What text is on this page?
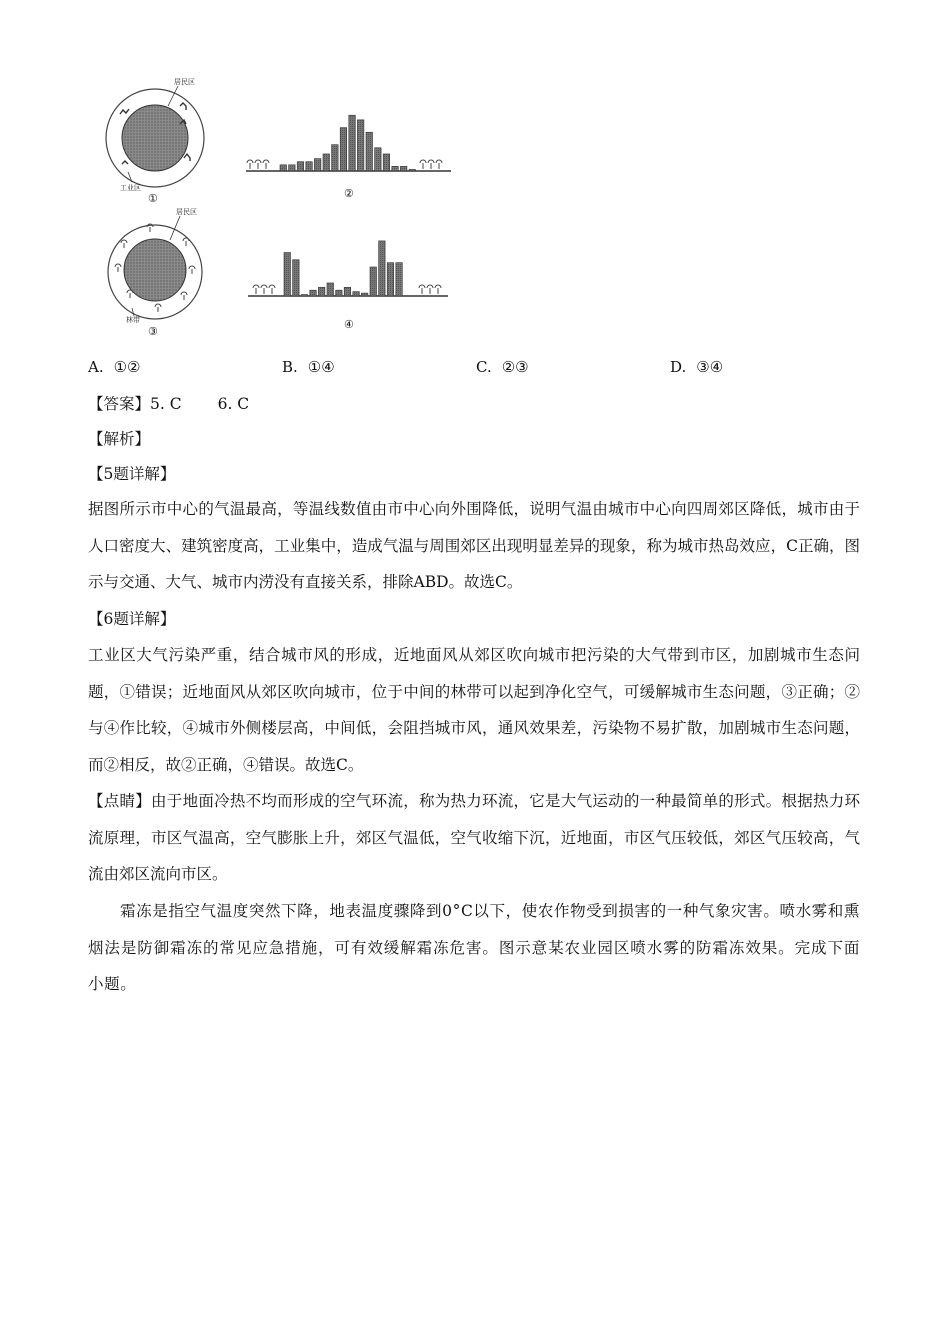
居民区
工业区
①	②
居民区
林带
③
④
A. ①②	B. ①④	C. ②③	D. ③④
【答案】5. C 6. C
【解析】
【5题详解】
据图所示市中心的气温最高，等温线数值由市中心向外围降低，说明气温由城市中心向四周郊区降低，城市由于人口密度大、建筑密度高，工业集中，造成气温与周围郊区出现明显差异的现象，称为城市热岛效应，C正确，图示与交通、大气、城市内涝没有直接关系，排除ABD。故选C。
【6题详解】
工业区大气污染严重，结合城市风的形成，近地面风从郊区吹向城市把污染的大气带到市区，加剧城市生态问题，①错误；近地面风从郊区吹向城市，位于中间的林带可以起到净化空气，可缓解城市生态问题，③正确；②与④作比较，④城市外侧楼层高，中间低，会阻挡城市风，通风效果差，污染物不易扩散，加剧城市生态问题，而②相反，故②正确，④错误。故选C。
【点睛】由于地面冷热不均而形成的空气环流，称为热力环流，它是大气运动的一种最简单的形式。根据热力环流原理，市区气温高，空气膨胀上升，郊区气温低，空气收缩下沉，近地面，市区气压较低，郊区气压较高，气流由郊区流向市区。
霜冻是指空气温度突然下降，地表温度骤降到0°C以下，使农作物受到损害的一种气象灾害。喷水雾和熏烟法是防御霜冻的常见应急措施，可有效缓解霜冻危害。图示意某农业园区喷水雾的防霜冻效果。完成下面小题。
